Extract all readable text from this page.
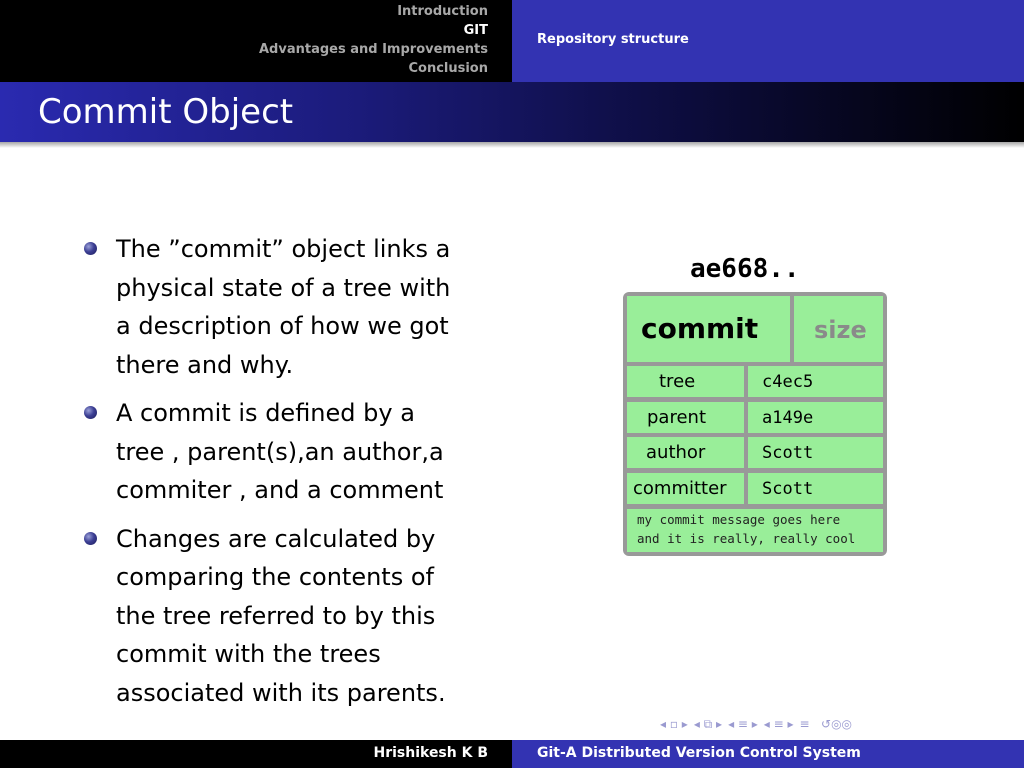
Introduction
GIT
Advantages and Improvements
Conclusion
Repository structure
Commit Object
The ”commit” object links a
physical state of a tree with
a description of how we got
there and why.
A commit is defined by a
tree , parent(s),an author,a
commiter , and a comment
Changes are calculated by
comparing the contents of
the tree referred to by this
commit with the trees
associated with its parents.
ae668..
commit size
tree	c4ec5
parent	a149e
author	Scott
committer Scott
my commit message goes here
and it is really, really cool
◂ ▫ ▸ ◂ ⧉ ▸ ◂ ≡ ▸ ◂ ≡ ▸ ≡   ↺◎◎
Hrishikesh K B	Git-A Distributed Version Control System
